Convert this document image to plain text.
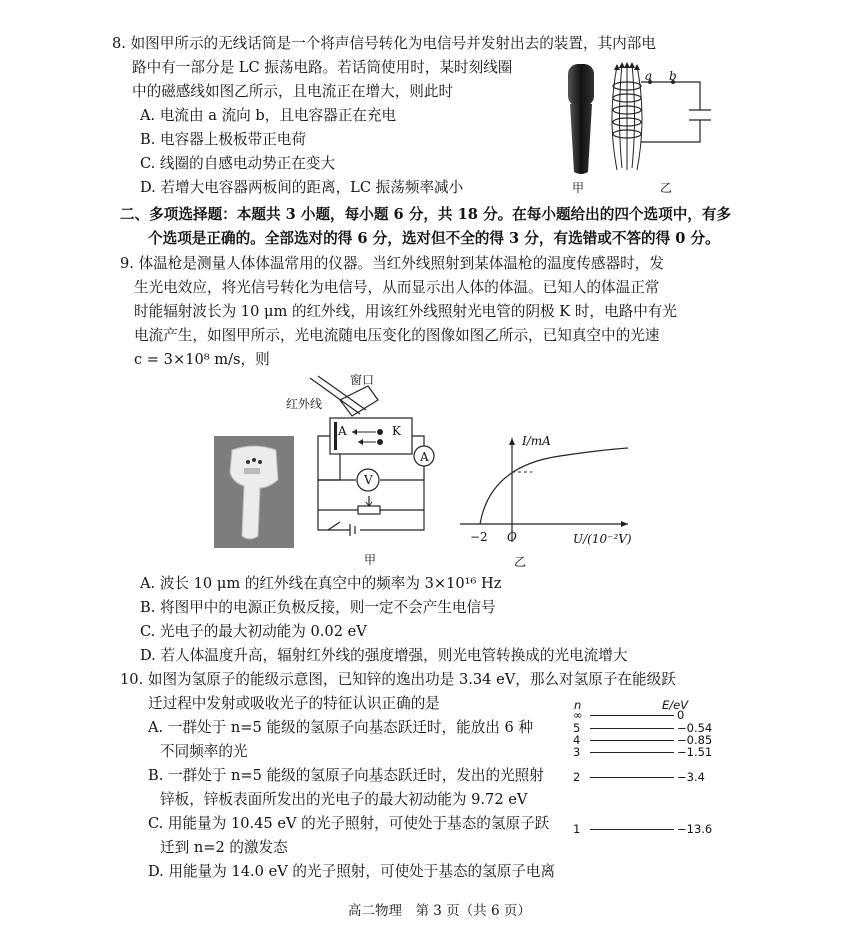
8. 如图甲所示的无线话筒是一个将声信号转化为电信号并发射出去的装置，其内部电
路中有一部分是 LC 振荡电路。若话筒使用时，某时刻线圈
中的磁感线如图乙所示，且电流正在增大，则此时
A. 电流由 a 流向 b，且电容器正在充电
B. 电容器上极板带正电荷
C. 线圈的自感电动势正在变大
D. 若增大电容器两板间的距离，LC 振荡频率减小	甲
a b
乙
二、多项选择题：本题共 3 小题，每小题 6 分，共 18 分。在每小题给出的四个选项中，有多
个选项是正确的。全部选对的得 6 分，选对但不全的得 3 分，有选错或不答的得 0 分。
9. 体温枪是测量人体体温常用的仪器。当红外线照射到某体温枪的温度传感器时，发
生光电效应，将光信号转化为电信号，从而显示出人体的体温。已知人的体温正常
时能辐射波长为 10 μm 的红外线，用该红外线照射光电管的阴极 K 时，电路中有光
电流产生，如图甲所示，光电流随电压变化的图像如图乙所示，已知真空中的光速
c = 3×10⁸ m/s，则
窗口
红外线
A	K
A
V
甲
I/mA
U/(10⁻²V)
−2 O
乙
A. 波长 10 μm 的红外线在真空中的频率为 3×10¹⁶ Hz
B. 将图甲中的电源正负极反接，则一定不会产生电信号
C. 光电子的最大初动能为 0.02 eV
D. 若人体温度升高，辐射红外线的强度增强，则光电管转换成的光电流增大
10. 如图为氢原子的能级示意图，已知锌的逸出功是 3.34 eV，那么对氢原子在能级跃
迁过程中发射或吸收光子的特征认识正确的是
A. 一群处于 n=5 能级的氢原子向基态跃迁时，能放出 6 种
不同频率的光
B. 一群处于 n=5 能级的氢原子向基态跃迁时，发出的光照射
锌板，锌板表面所发出的光电子的最大初动能为 9.72 eV
C. 用能量为 10.45 eV 的光子照射，可使处于基态的氢原子跃
迁到 n=2 的激发态
D. 用能量为 14.0 eV 的光子照射，可使处于基态的氢原子电离
n	E/eV
∞	0
5	−0.54
4	−0.85
3	−1.51
2	−3.4
1	−13.6
高二物理　第 3 页（共 6 页）
